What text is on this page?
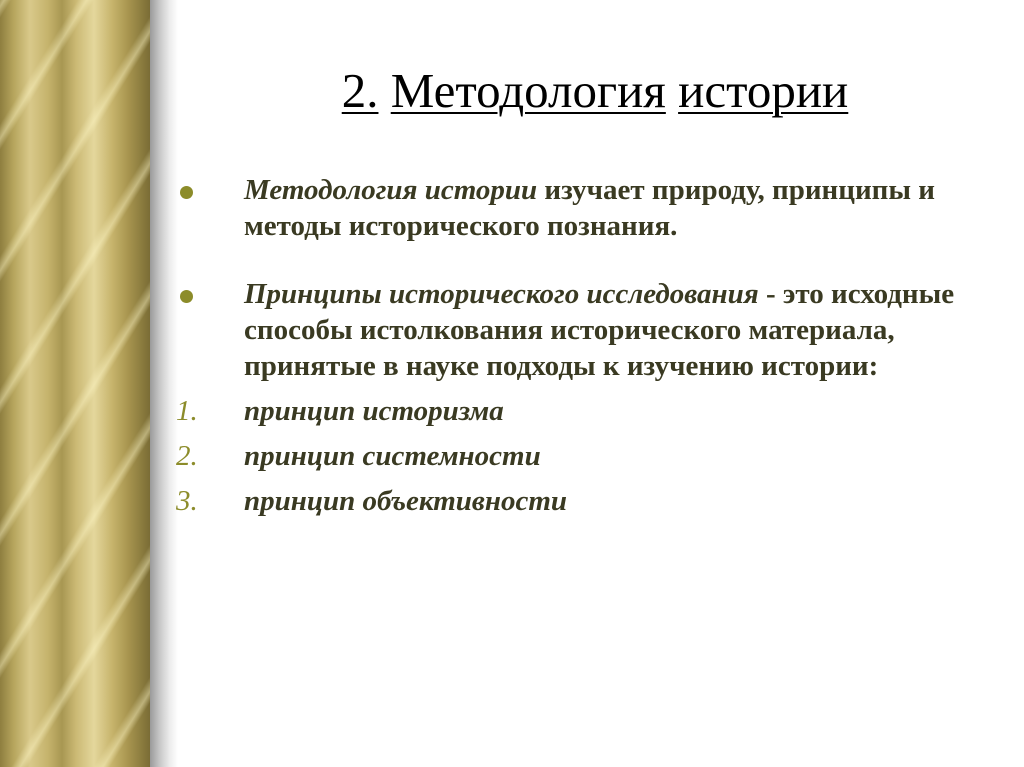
2. Методология истории
Методология истории изучает природу, принципы и методы исторического познания.
Принципы исторического исследования - это исходные способы истолкования исторического материала, принятые в науке подходы к изучению истории:
1. принцип историзма
2. принцип системности
3. принцип объективности
